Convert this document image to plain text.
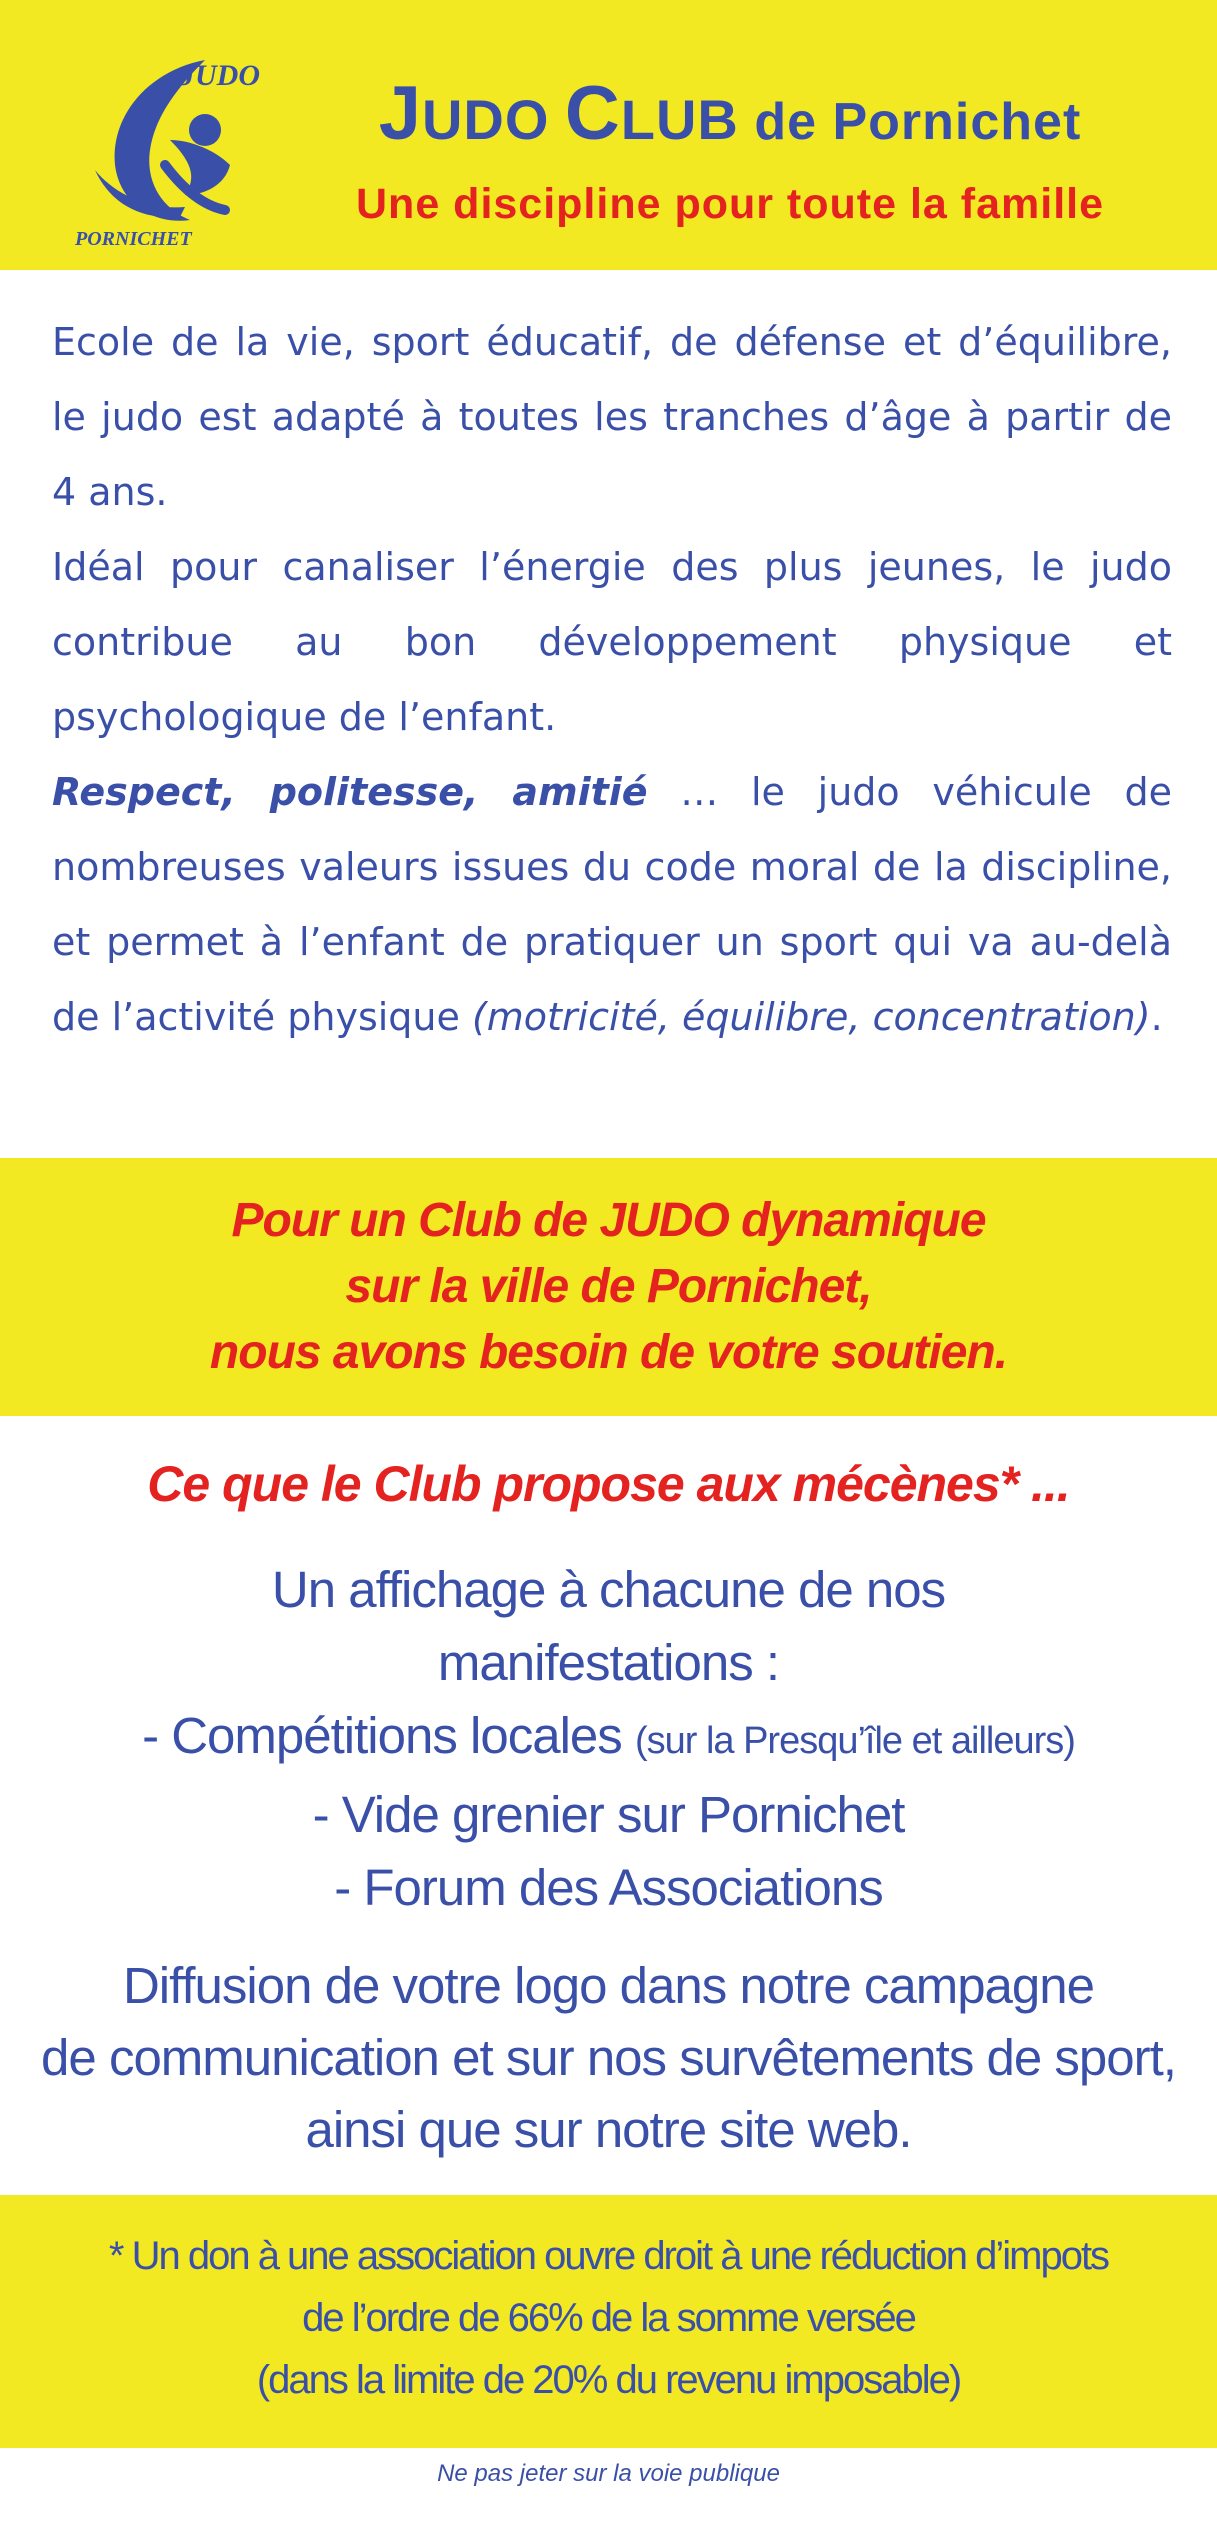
JUDO
PORNICHET
JUDO CLUB de Pornichet
Une discipline pour toute la famille

Ecole de la vie, sport éducatif, de défense et d’équilibre, le judo est adapté à toutes les tranches d’âge à partir de 4 ans.

Idéal pour canaliser l’énergie des plus jeunes, le judo contribue au bon développement physique et psychologique de l’enfant.

Respect, politesse, amitié … le judo véhicule de nombreuses valeurs issues du code moral de la discipline, et permet à l’enfant de pratiquer un sport qui va au-delà de l’activité physique (motricité, équilibre, concentration).

Pour un Club de JUDO dynamique
sur la ville de Pornichet,
nous avons besoin de votre soutien.
Ce que le Club propose aux mécènes* ...
Un affichage à chacune de nos
manifestations :
- Compétitions locales (sur la Presqu’île et ailleurs)
- Vide grenier sur Pornichet
- Forum des Associations
Diffusion de votre logo dans notre campagne
de communication et sur nos survêtements de sport,
ainsi que sur notre site web.
* Un don à une association ouvre droit à une réduction d’impots
de l’ordre de 66% de la somme versée
(dans la limite de 20% du revenu imposable)
Ne pas jeter sur la voie publique
